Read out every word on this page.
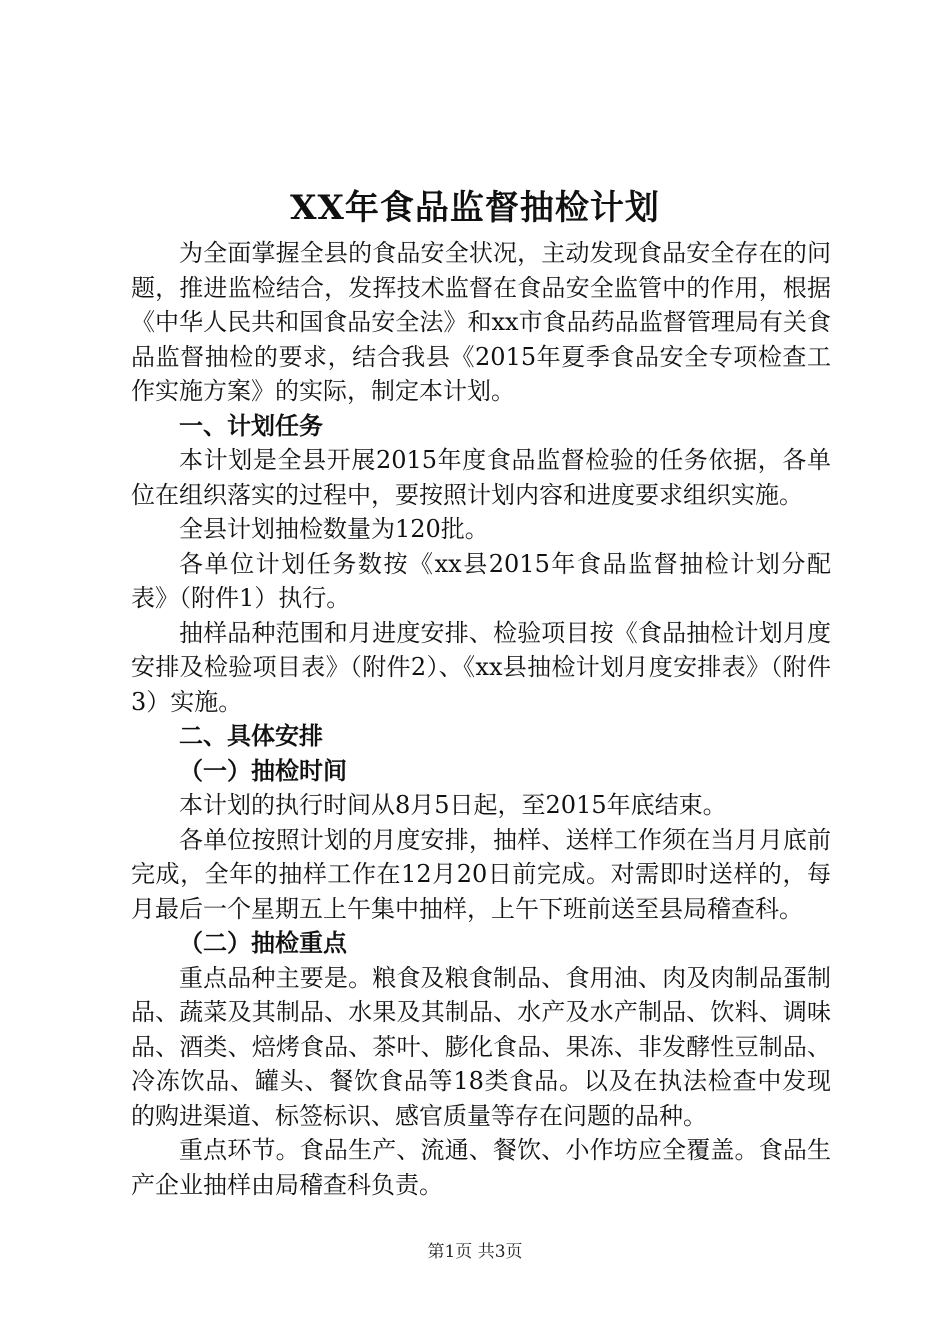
XX年食品监督抽检计划

为全面掌握全县的食品安全状况，主动发现食品安全存在的问题，推进监检结合，发挥技术监督在食品安全监管中的作用，根据《中华人民共和国食品安全法》和xx市食品药品监督管理局有关食品监督抽检的要求，结合我县《2015年夏季食品安全专项检查工作实施方案》的实际，制定本计划。

一、计划任务

本计划是全县开展2015年度食品监督检验的任务依据，各单位在组织落实的过程中，要按照计划内容和进度要求组织实施。

全县计划抽检数量为120批。

各单位计划任务数按《xx县2015年食品监督抽检计划分配表》（附件1）执行。

抽样品种范围和月进度安排、检验项目按《食品抽检计划月度安排及检验项目表》（附件2）、《xx县抽检计划月度安排表》（附件3）实施。

二、具体安排
（一）抽检时间

本计划的执行时间从8月5日起，至2015年底结束。

各单位按照计划的月度安排，抽样、送样工作须在当月月底前完成，全年的抽样工作在12月20日前完成。对需即时送样的，每月最后一个星期五上午集中抽样，上午下班前送至县局稽查科。

（二）抽检重点

重点品种主要是。粮食及粮食制品、食用油、肉及肉制品蛋制品、蔬菜及其制品、水果及其制品、水产及水产制品、饮料、调味品、酒类、焙烤食品、茶叶、膨化食品、果冻、非发酵性豆制品、冷冻饮品、罐头、餐饮食品等18类食品。以及在执法检查中发现的购进渠道、标签标识、感官质量等存在问题的品种。

重点环节。食品生产、流通、餐饮、小作坊应全覆盖。食品生产企业抽样由局稽查科负责。

第1页 共3页
